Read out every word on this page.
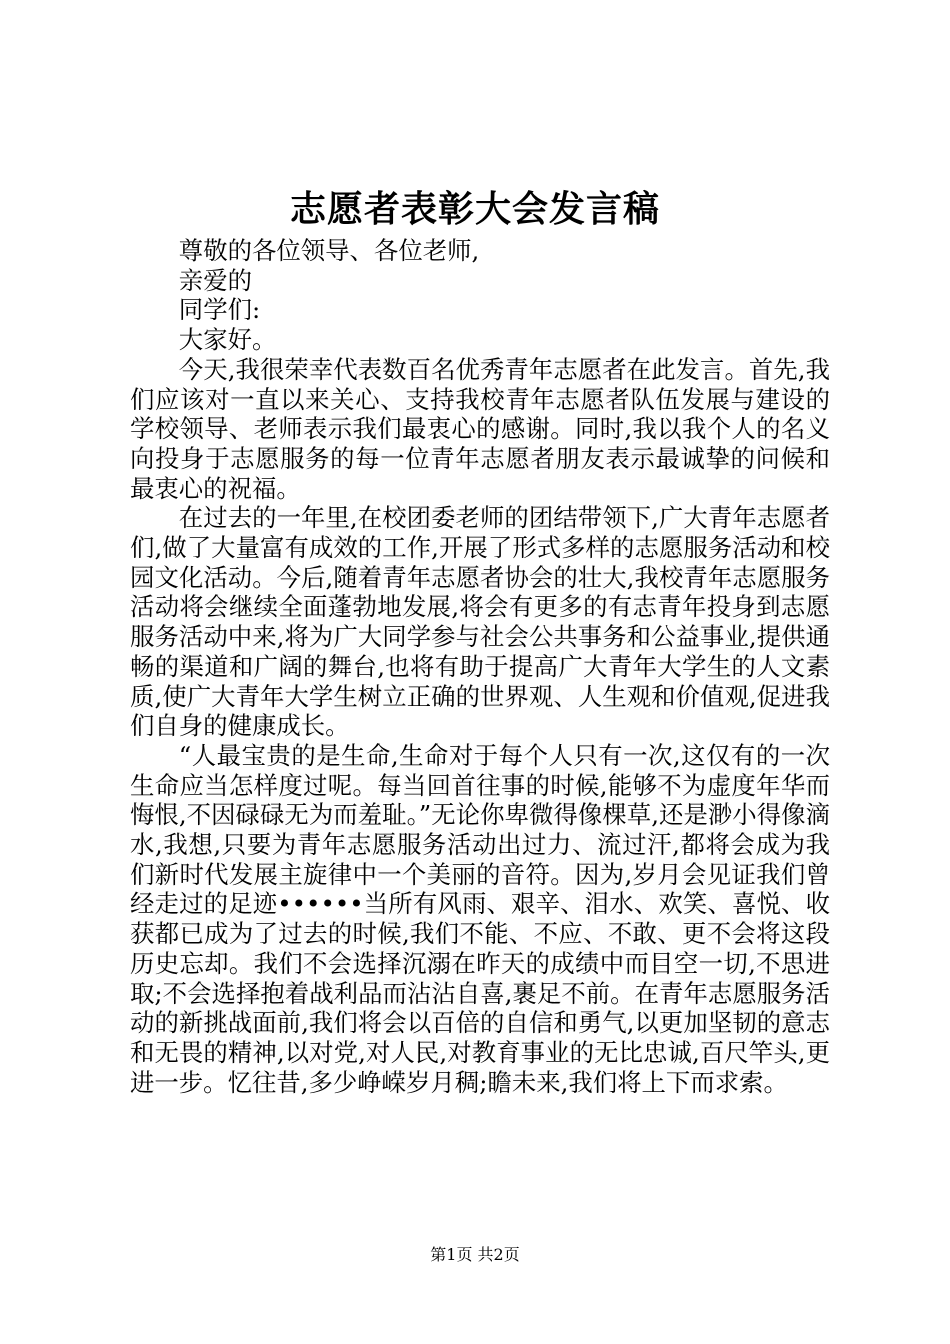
志愿者表彰大会发言稿

尊敬的各位领导、各位老师,

亲爱的

同学们:

大家好。

今天,我很荣幸代表数百名优秀青年志愿者在此发言。首先,我们应该对一直以来关心、支持我校青年志愿者队伍发展与建设的学校领导、老师表示我们最衷心的感谢。同时,我以我个人的名义向投身于志愿服务的每一位青年志愿者朋友表示最诚挚的问候和最衷心的祝福。

在过去的一年里,在校团委老师的团结带领下,广大青年志愿者们,做了大量富有成效的工作,开展了形式多样的志愿服务活动和校园文化活动。今后,随着青年志愿者协会的壮大,我校青年志愿服务活动将会继续全面蓬勃地发展,将会有更多的有志青年投身到志愿服务活动中来,将为广大同学参与社会公共事务和公益事业,提供通畅的渠道和广阔的舞台,也将有助于提高广大青年大学生的人文素质,使广大青年大学生树立正确的世界观、人生观和价值观,促进我们自身的健康成长。

“人最宝贵的是生命,生命对于每个人只有一次,这仅有的一次生命应当怎样度过呢。每当回首往事的时候,能够不为虚度年华而悔恨,不因碌碌无为而羞耻。”无论你卑微得像棵草,还是渺小得像滴水,我想,只要为青年志愿服务活动出过力、流过汗,都将会成为我们新时代发展主旋律中一个美丽的音符。因为,岁月会见证我们曾经走过的足迹••••••当所有风雨、艰辛、泪水、欢笑、喜悦、收获都已成为了过去的时候,我们不能、不应、不敢、更不会将这段历史忘却。我们不会选择沉溺在昨天的成绩中而目空一切,不思进取;不会选择抱着战利品而沾沾自喜,裹足不前。在青年志愿服务活动的新挑战面前,我们将会以百倍的自信和勇气,以更加坚韧的意志和无畏的精神,以对党,对人民,对教育事业的无比忠诚,百尺竿头,更进一步。忆往昔,多少峥嵘岁月稠;瞻未来,我们将上下而求索。

第1页 共2页
